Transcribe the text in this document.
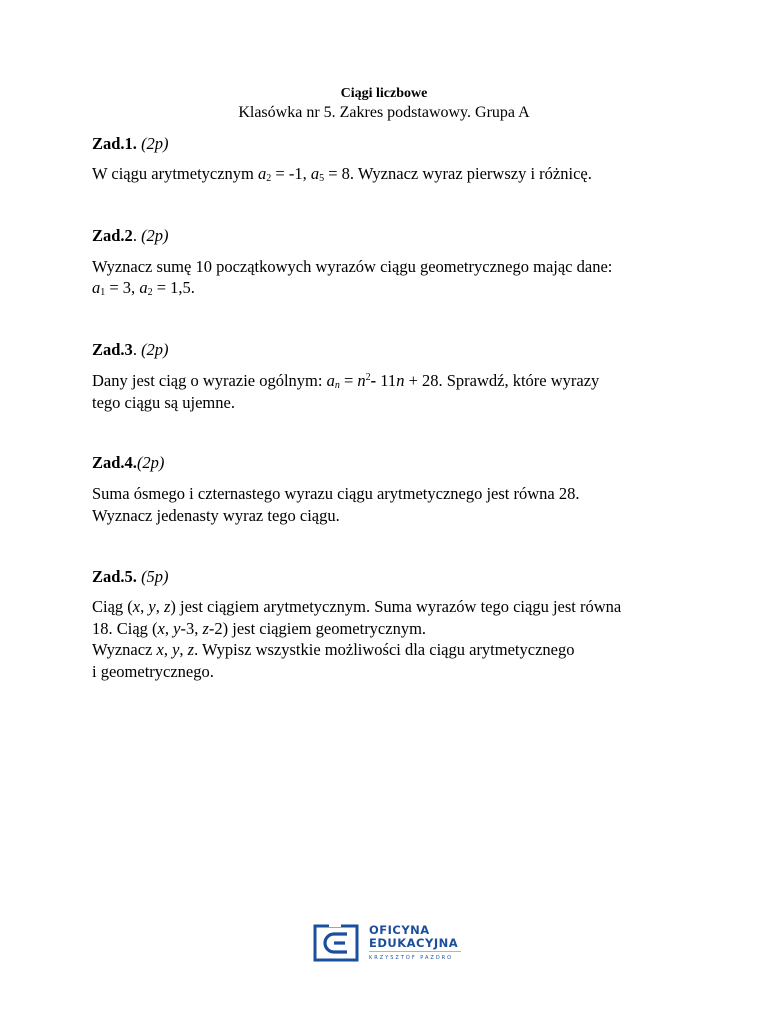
Ciągi liczbowe
Klasówka nr 5. Zakres podstawowy. Grupa A
Zad.1. (2p)
W ciągu arytmetycznym $a_2 = -1$, $a_5 = 8$. Wyznacz wyraz pierwszy i różnicę.
Zad.2. (2p)
Wyznacz sumę 10 początkowych wyrazów ciągu geometrycznego mając dane:
$a_1 = 3$, $a_2 = 1,5$.
Zad.3. (2p)
Dany jest ciąg o wyrazie ogólnym: $a_n = n^2-$ 11n + 28. Sprawdź, które wyrazy
tego ciągu są ujemne.
Zad.4.(2p)
Suma ósmego i czternastego wyrazu ciągu arytmetycznego jest równa 28.
Wyznacz jedenasty wyraz tego ciągu.
Zad.5. (5p)
Ciąg (x, y, z) jest ciągiem arytmetycznym. Suma wyrazów tego ciągu jest równa
18. Ciąg (x, y-3, z-2) jest ciągiem geometrycznym.
Wyznacz x, y, z. Wypisz wszystkie możliwości dla ciągu arytmetycznego
i geometrycznego.
OFICYNA
EDUKACYJNA
KRZYSZTOF PAZDRO
